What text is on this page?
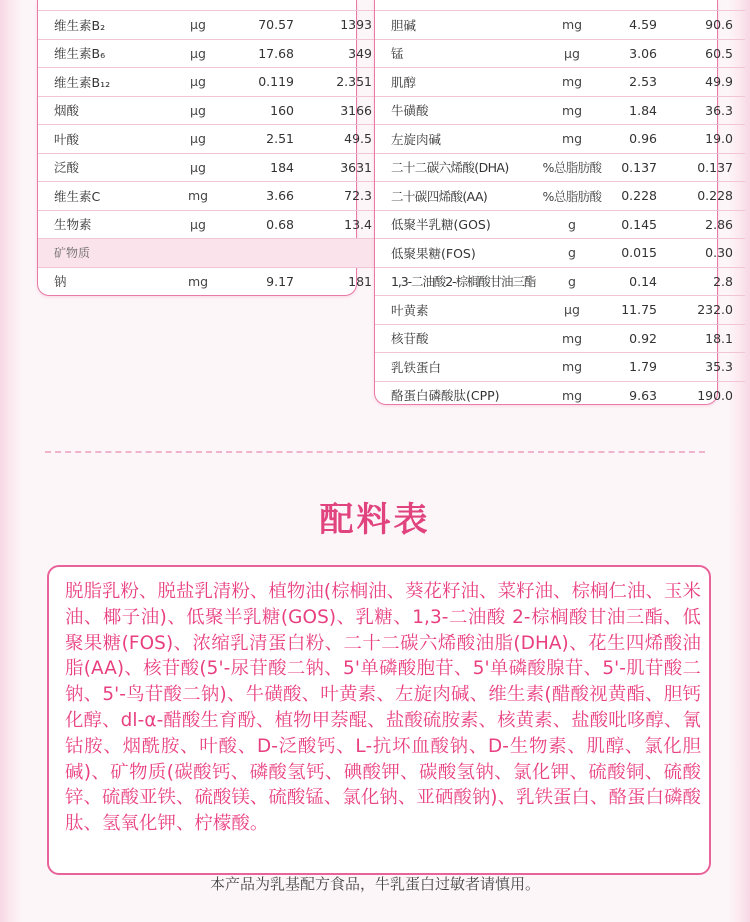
维生素B₂	μg	70.57	1393
维生素B₆	μg	17.68	349
维生素B₁₂	μg	0.119	2.351
烟酸	μg	160	3166
叶酸	μg	2.51	49.5
泛酸	μg	184	3631
维生素C	mg	3.66	72.3
生物素	μg	0.68	13.4
矿物质			
钠	mg	9.17	181

胆碱	mg	4.59	90.6
锰	μg	3.06	60.5
肌醇	mg	2.53	49.9
牛磺酸	mg	1.84	36.3
左旋肉碱	mg	0.96	19.0
二十二碳六烯酸(DHA)	%总脂肪酸	0.137	0.137
二十碳四烯酸(AA)	%总脂肪酸	0.228	0.228
低聚半乳糖(GOS)	g	0.145	2.86
低聚果糖(FOS)	g	0.015	0.30
1,3-二油酸2-棕榈酸甘油三酯	g	0.14	2.8
叶黄素	μg	11.75	232.0
核苷酸	mg	0.92	18.1
乳铁蛋白	mg	1.79	35.3
酪蛋白磷酸肽(CPP)	mg	9.63	190.0
配料表

脱脂乳粉、脱盐乳清粉、植物油(棕榈油、葵花籽油、菜籽油、棕榈仁油、玉米油、椰子油)、低聚半乳糖(GOS)、乳糖、1,3-二油酸 2-棕榈酸甘油三酯、低聚果糖(FOS)、浓缩乳清蛋白粉、二十二碳六烯酸油脂(DHA)、花生四烯酸油脂(AA)、核苷酸(5'-尿苷酸二钠、5'单磷酸胞苷、5'单磷酸腺苷、5'-肌苷酸二钠、5'-鸟苷酸二钠)、牛磺酸、叶黄素、左旋肉碱、维生素(醋酸视黄酯、胆钙化醇、dl-α-醋酸生育酚、植物甲萘醌、盐酸硫胺素、核黄素、盐酸吡哆醇、氰钴胺、烟酰胺、叶酸、D-泛酸钙、L-抗坏血酸钠、D-生物素、肌醇、氯化胆碱)、矿物质(碳酸钙、磷酸氢钙、碘酸钾、碳酸氢钠、氯化钾、硫酸铜、硫酸锌、硫酸亚铁、硫酸镁、硫酸锰、氯化钠、亚硒酸钠)、乳铁蛋白、酪蛋白磷酸肽、氢氧化钾、柠檬酸。

本产品为乳基配方食品，牛乳蛋白过敏者请慎用。
